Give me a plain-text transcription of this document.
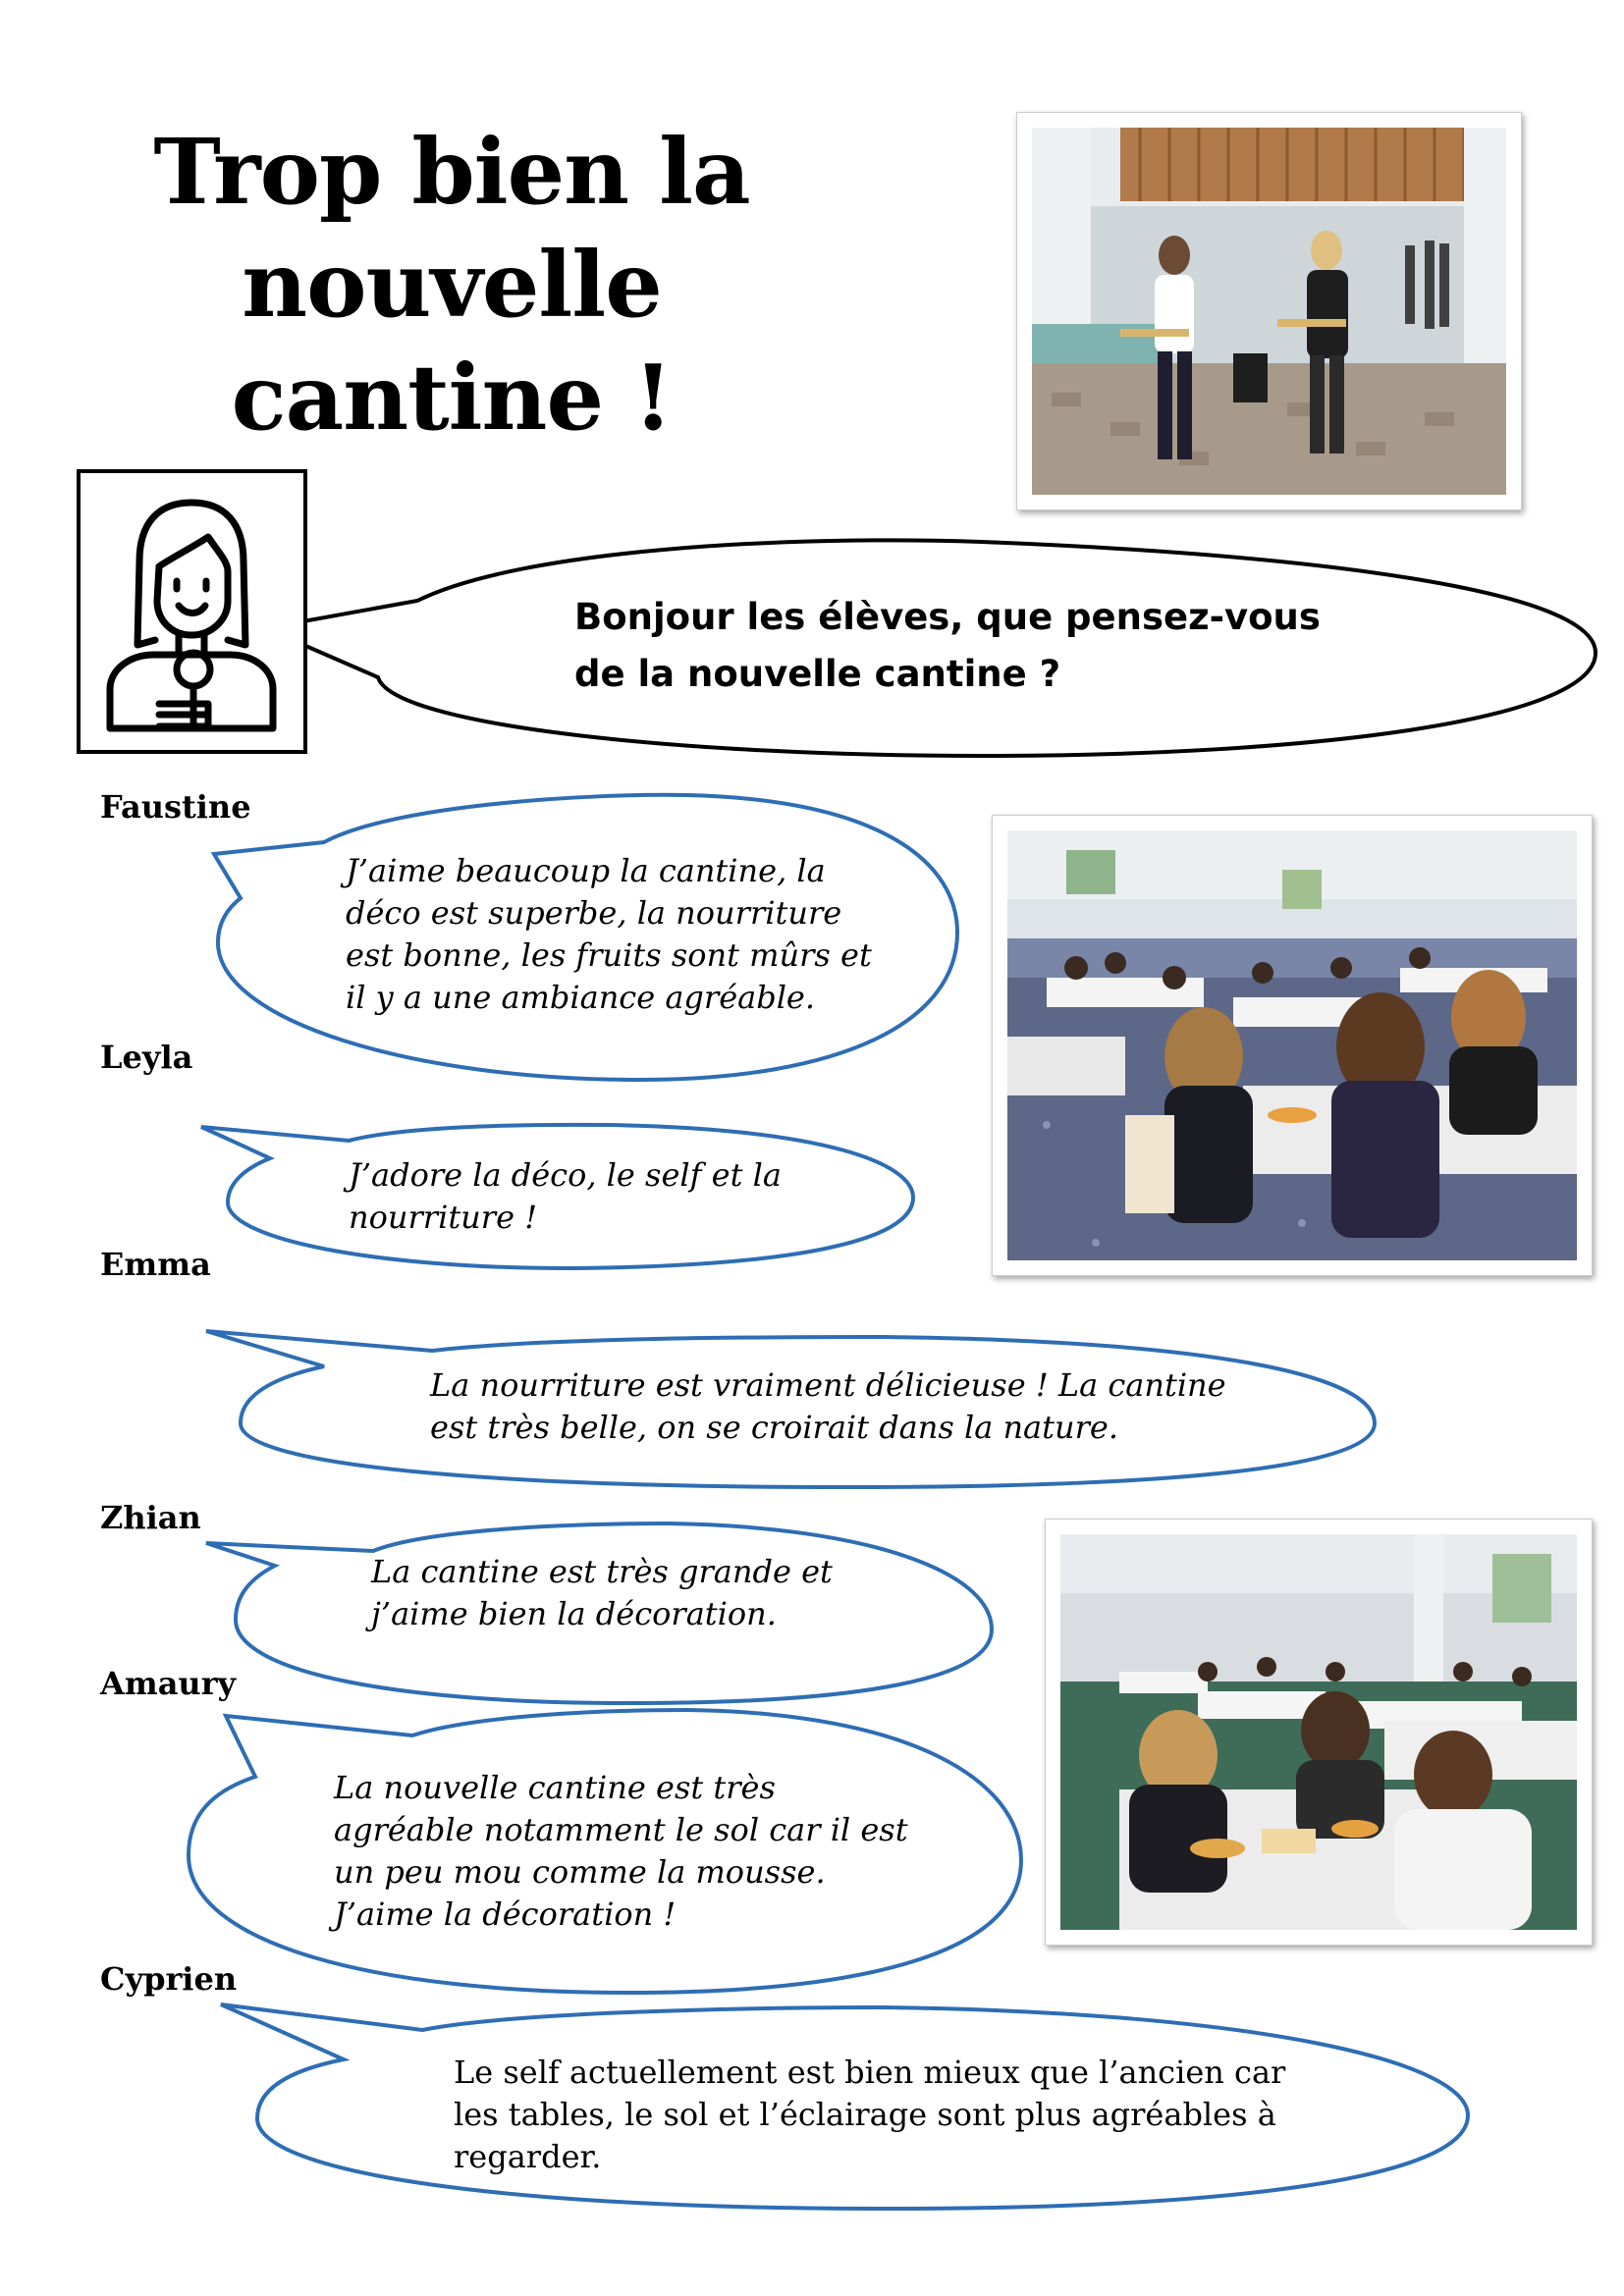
Trop bien la
nouvelle
cantine !
Bonjour les élèves, que pensez-vous
de la nouvelle cantine ?
Faustine
J’aime beaucoup la cantine, la
déco est superbe, la nourriture
est bonne, les fruits sont mûrs et
il y a une ambiance agréable.
Leyla
J’adore la déco, le self et la
nourriture !
Emma
La nourriture est vraiment délicieuse ! La cantine
est très belle, on se croirait dans la nature.
Zhian
La cantine est très grande et
j’aime bien la décoration.
Amaury
La nouvelle cantine est très
agréable notamment le sol car il est
un peu mou comme la mousse.
J’aime la décoration !
Cyprien
Le self actuellement est bien mieux que l’ancien car
les tables, le sol et l’éclairage sont plus agréables à
regarder.
